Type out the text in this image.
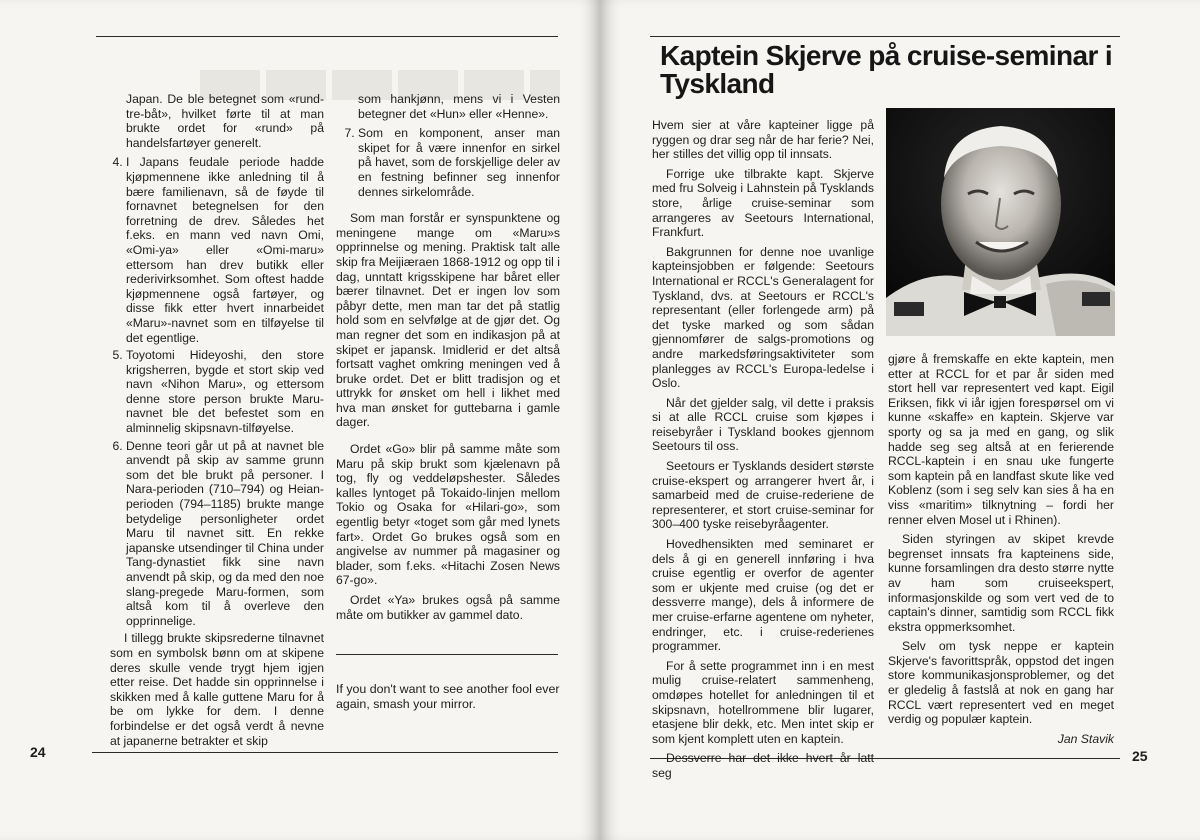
Japan. De ble betegnet som «rund-tre-båt», hvilket førte til at man brukte ordet for «rund» på handelsfartøyer generelt.

4. I Japans feudale periode hadde kjøpmennene ikke anledning til å bære familienavn, så de føyde til fornavnet betegnelsen for den forretning de drev. Således het f.eks. en mann ved navn Omi, «Omi-ya» eller «Omi-maru» ettersom han drev butikk eller rederivirksomhet. Som oftest hadde kjøpmennene også fartøyer, og disse fikk etter hvert innarbeidet «Maru»-navnet som en tilføyelse til det egentlige.
5. Toyotomi Hideyoshi, den store krigsherren, bygde et stort skip ved navn «Nihon Maru», og ettersom denne store person brukte Maru-navnet ble det befestet som en alminnelig skipsnavn-tilføyelse.
6. Denne teori går ut på at navnet ble anvendt på skip av samme grunn som det ble brukt på personer. I Nara-perioden (710–794) og Heian-perioden (794–1185) brukte mange betydelige personligheter ordet Maru til navnet sitt. En rekke japanske utsendinger til China under Tang-dynastiet fikk sine navn anvendt på skip, og da med den noe slang-pregede Maru-formen, som altså kom til å overleve den opprinnelige.

I tillegg brukte skipsrederne tilnavnet som en symbolsk bønn om at skipene deres skulle vende trygt hjem igjen etter reise. Det hadde sin opprinnelse i skikken med å kalle guttene Maru for å be om lykke for dem. I denne forbindelse er det også verdt å nevne at japanerne betrakter et skip

som hankjønn, mens vi i Vesten betegner det «Hun» eller «Henne».

7. Som en komponent, anser man skipet for å være innenfor en sirkel på havet, som de forskjellige deler av en festning befinner seg innenfor dennes sirkelområde.

Som man forstår er synspunktene og meningene mange om «Maru»s opprinnelse og mening. Praktisk talt alle skip fra Meijiæraen 1868-1912 og opp til i dag, unntatt krigsskipene har båret eller bærer tilnavnet. Det er ingen lov som påbyr dette, men man tar det på statlig hold som en selvfølge at de gjør det. Og man regner det som en indikasjon på at skipet er japansk. Imidlerid er det altså fortsatt vaghet omkring meningen ved å bruke ordet. Det er blitt tradisjon og et uttrykk for ønsket om hell i likhet med hva man ønsket for guttebarna i gamle dager.

Ordet «Go» blir på samme måte som Maru på skip brukt som kjælenavn på tog, fly og veddeløpshester. Således kalles lyntoget på Tokaido-linjen mellom Tokio og Osaka for «Hilari-go», som egentlig betyr «toget som går med lynets fart». Ordet Go brukes også som en angivelse av nummer på magasiner og blader, som f.eks. «Hitachi Zosen News 67-go».

Ordet «Ya» brukes også på samme måte om butikker av gammel dato.

If you don't want to see another fool ever again, smash your mirror.
24	25
Kaptein Skjerve på cruise-seminar i Tyskland

Hvem sier at våre kapteiner ligge på ryggen og drar seg når de har ferie? Nei, her stilles det villig opp til innsats.

Forrige uke tilbrakte kapt. Skjerve med fru Solveig i Lahnstein på Tysklands store, årlige cruise-seminar som arrangeres av Seetours International, Frankfurt.

Bakgrunnen for denne noe uvanlige kapteinsjobben er følgende: Seetours International er RCCL's Generalagent for Tyskland, dvs. at Seetours er RCCL's representant (eller forlengede arm) på det tyske marked og som sådan gjennomfører de salgs-promotions og andre markedsføringsaktiviteter som planlegges av RCCL's Europa-ledelse i Oslo.

Når det gjelder salg, vil dette i praksis si at alle RCCL cruise som kjøpes i reisebyråer i Tyskland bookes gjennom Seetours til oss.

Seetours er Tysklands desidert største cruise-ekspert og arrangerer hvert år, i samarbeid med de cruise-rederiene de representerer, et stort cruise-seminar for 300–400 tyske reisebyråagenter.

Hovedhensikten med seminaret er dels å gi en generell innføring i hva cruise egentlig er overfor de agenter som er ukjente med cruise (og det er dessverre mange), dels å informere de mer cruise-erfarne agentene om nyheter, endringer, etc. i cruise-rederienes programmer.

For å sette programmet inn i en mest mulig cruise-relatert sammenheng, omdøpes hotellet for anledningen til et skipsnavn, hotellrommene blir lugarer, etasjene blir dekk, etc. Men intet skip er som kjent komplett uten en kaptein.

Dessverre har det ikke hvert år latt seg

gjøre å fremskaffe en ekte kaptein, men etter at RCCL for et par år siden med stort hell var representert ved kapt. Eigil Eriksen, fikk vi iår igjen forespørsel om vi kunne «skaffe» en kaptein. Skjerve var sporty og sa ja med en gang, og slik hadde seg seg altså at en ferierende RCCL-kaptein i en snau uke fungerte som kaptein på en landfast skute like ved Koblenz (som i seg selv kan sies å ha en viss «maritim» tilknytning – fordi her renner elven Mosel ut i Rhinen).

Siden styringen av skipet krevde begrenset innsats fra kapteinens side, kunne forsamlingen dra desto større nytte av ham som cruiseekspert, informasjonskilde og som vert ved de to captain's dinner, samtidig som RCCL fikk ekstra oppmerksomhet.

Selv om tysk neppe er kaptein Skjerve's favorittspråk, oppstod det ingen store kommunikasjonsproblemer, og det er gledelig å fastslå at nok en gang har RCCL vært representert ved en meget verdig og populær kaptein.

Jan Stavik
